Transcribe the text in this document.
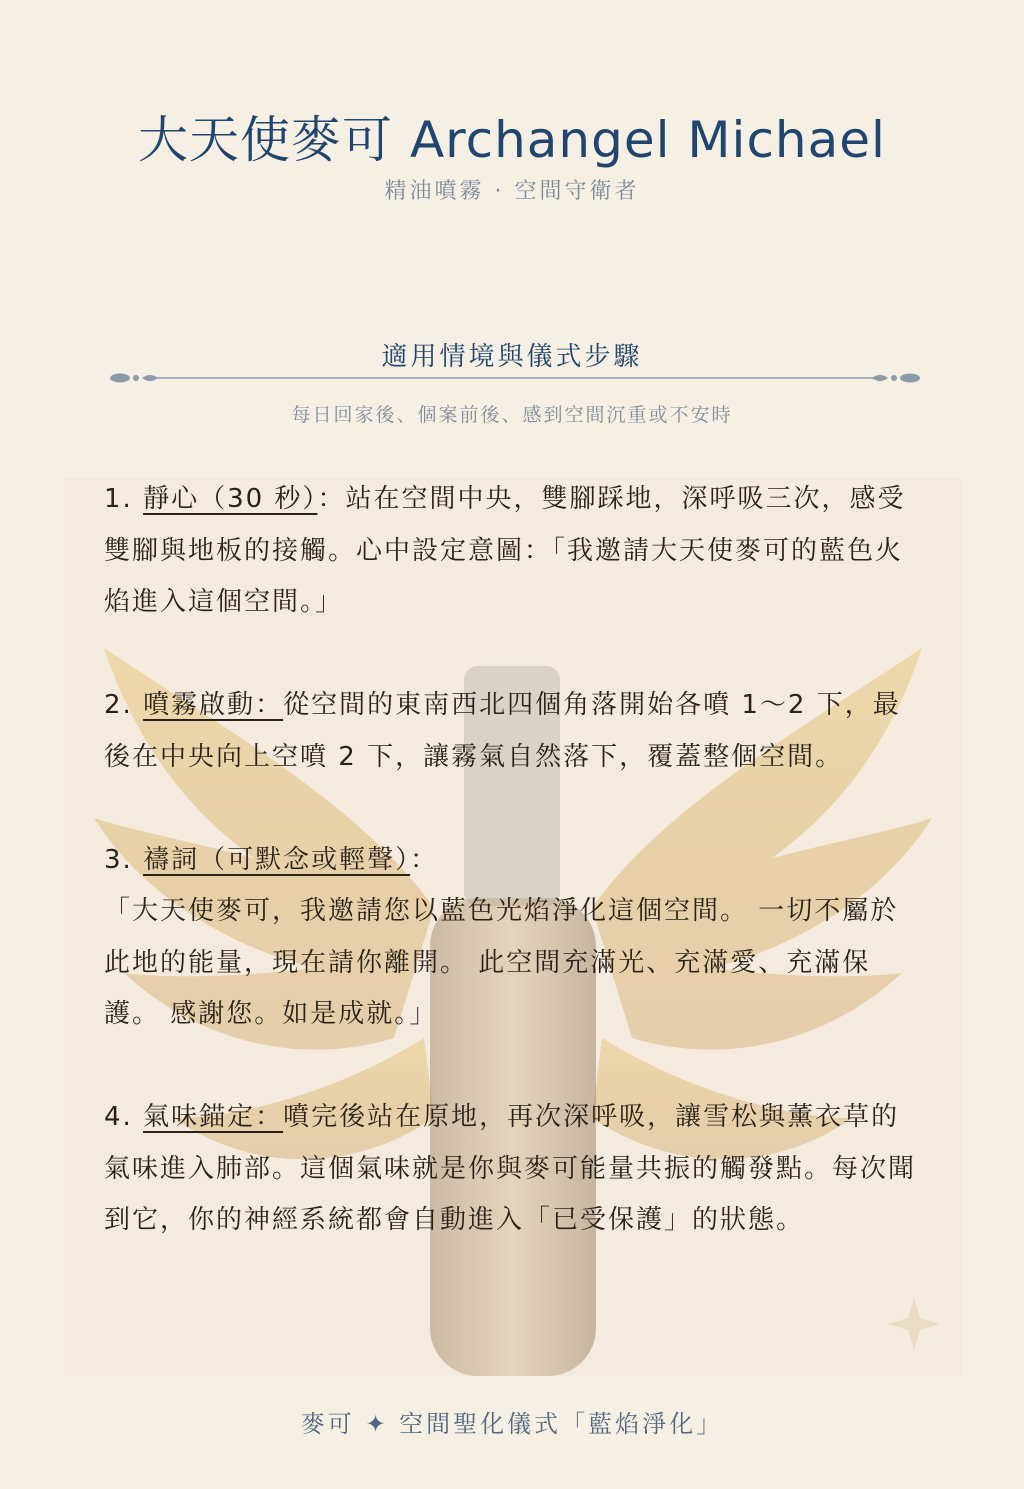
大天使麥可 Archangel Michael
精油噴霧 · 空間守衛者
適用情境與儀式步驟
每日回家後、個案前後、感到空間沉重或不安時

1. 靜心（30 秒）：站在空間中央，雙腳踩地，深呼吸三次，感受雙腳與地板的接觸。心中設定意圖：「我邀請大天使麥可的藍色火焰進入這個空間。」

2. 噴霧啟動：從空間的東南西北四個角落開始各噴 1～2 下，最後在中央向上空噴 2 下，讓霧氣自然落下，覆蓋整個空間。

3. 禱詞（可默念或輕聲）：
「大天使麥可，我邀請您以藍色光焰淨化這個空間。 一切不屬於此地的能量，現在請你離開。 此空間充滿光、充滿愛、充滿保護。 感謝您。如是成就。」

4. 氣味錨定：噴完後站在原地，再次深呼吸，讓雪松與薰衣草的氣味進入肺部。這個氣味就是你與麥可能量共振的觸發點。每次聞到它，你的神經系統都會自動進入「已受保護」的狀態。

麥可 ✦ 空間聖化儀式「藍焰淨化」
